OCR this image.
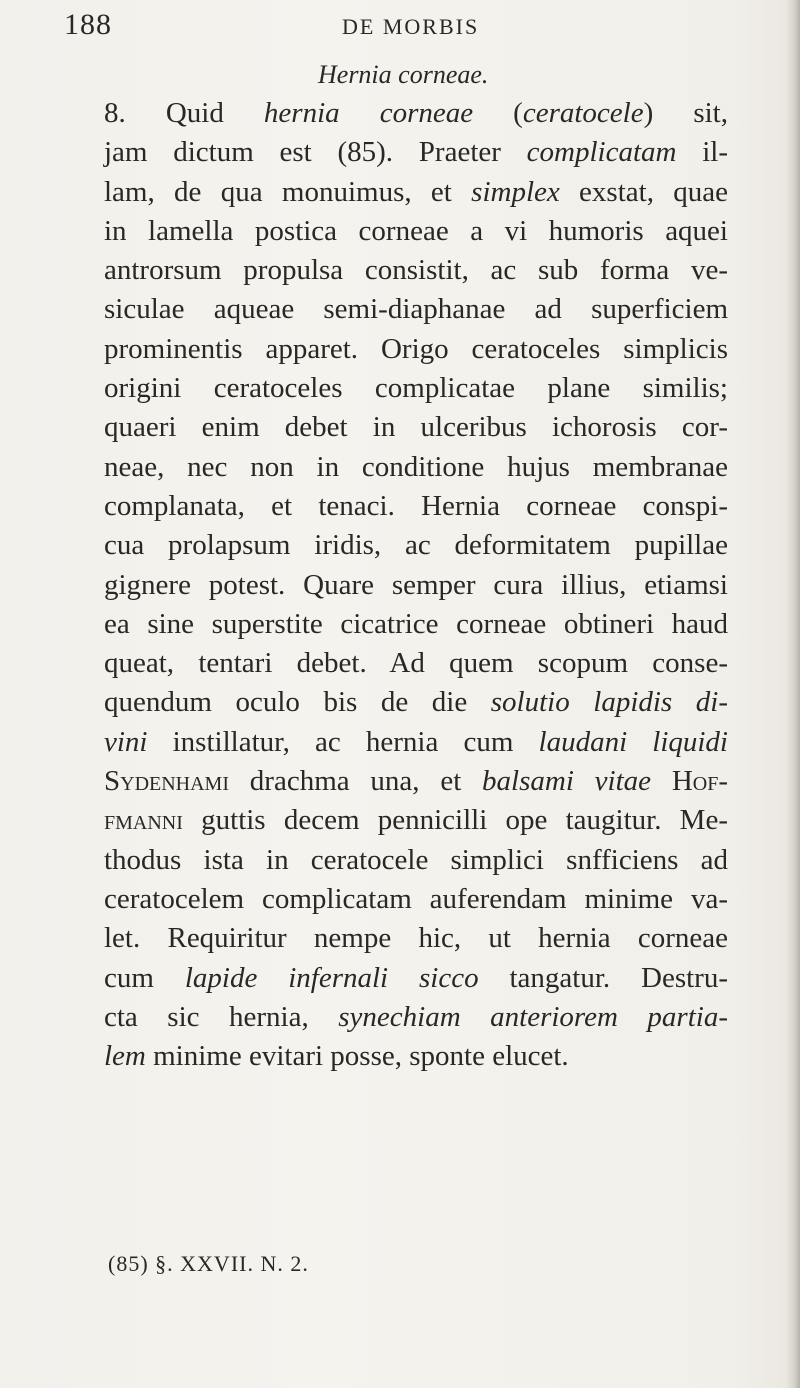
188	DE MORBIS
Hernia corneae.
8. Quid hernia corneae (ceratocele) sit,
jam dictum est (85). Praeter complicatam il-
lam, de qua monuimus, et simplex exstat, quae
in lamella postica corneae a vi humoris aquei
antrorsum propulsa consistit, ac sub forma ve-
siculae aqueae semi-diaphanae ad superficiem
prominentis apparet. Origo ceratoceles simplicis
origini ceratoceles complicatae plane similis;
quaeri enim debet in ulceribus ichorosis cor-
neae, nec non in conditione hujus membranae
complanata, et tenaci. Hernia corneae conspi-
cua prolapsum iridis, ac deformitatem pupillae
gignere potest. Quare semper cura illius, etiamsi
ea sine superstite cicatrice corneae obtineri haud
queat, tentari debet. Ad quem scopum conse-
quendum oculo bis de die solutio lapidis di-
vini instillatur, ac hernia cum laudani liquidi
Sydenhami drachma una, et balsami vitae Hof-
fmanni guttis decem pennicilli ope taugitur. Me-
thodus ista in ceratocele simplici snfficiens ad
ceratocelem complicatam auferendam minime va-
let. Requiritur nempe hic, ut hernia corneae
cum lapide infernali sicco tangatur. Destru-
cta sic hernia, synechiam anteriorem partia-
lem minime evitari posse, sponte elucet.
(85) §. XXVII. N. 2.
